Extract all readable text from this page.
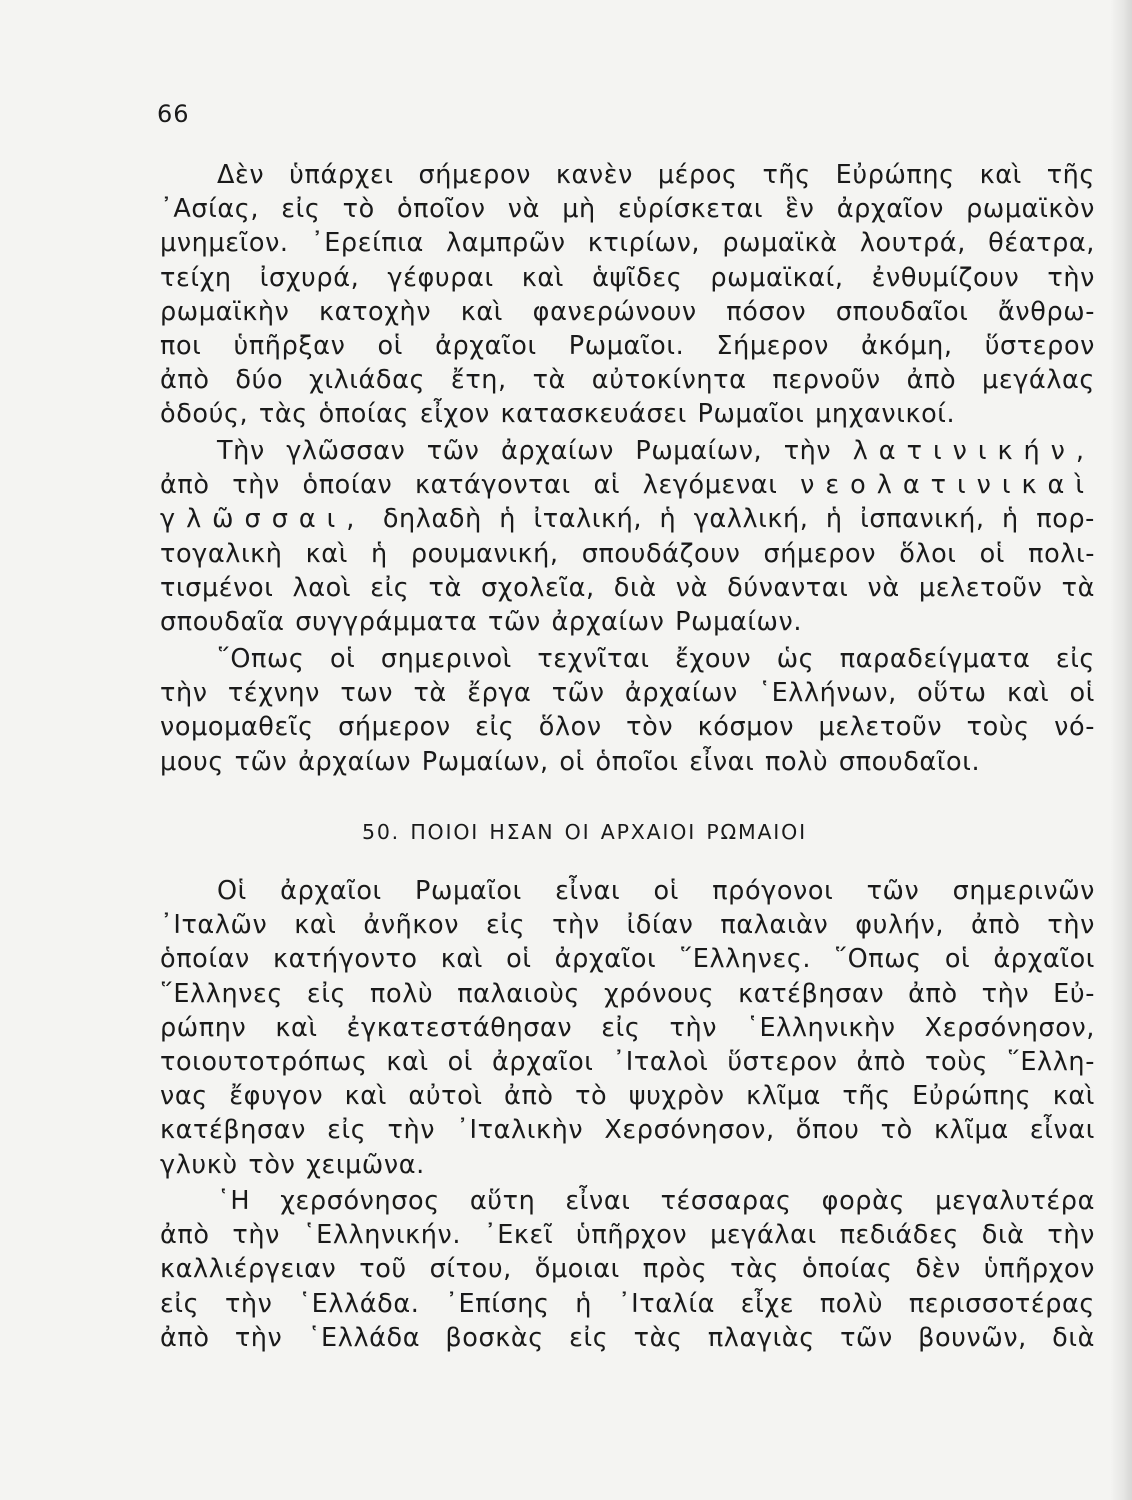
66
Δὲν ὑπάρχει σήμερον κανὲν μέρος τῆς Εὐρώπης καὶ τῆς
᾿Ασίας, εἰς τὸ ὁποῖον νὰ μὴ εὑρίσκεται ἓν ἀρχαῖον ρωμαϊκὸν
μνημεῖον. ᾿Ερείπια λαμπρῶν κτιρίων, ρωμαϊκὰ λουτρά, θέατρα,
τείχη ἰσχυρά, γέφυραι καὶ ἁψῖδες ρωμαϊκαί, ἐνθυμίζουν τὴν
ρωμαϊκὴν κατοχὴν καὶ φανερώνουν πόσον σπουδαῖοι ἄνθρω-
ποι ὑπῆρξαν οἱ ἀρχαῖοι Ρωμαῖοι. Σήμερον ἀκόμη, ὕστερον
ἀπὸ δύο χιλιάδας ἔτη, τὰ αὐτοκίνητα περνοῦν ἀπὸ μεγάλας
ὁδούς, τὰς ὁποίας εἶχον κατασκευάσει Ρωμαῖοι μηχανικοί.
Τὴν γλῶσσαν τῶν ἀρχαίων Ρωμαίων, τὴν λατινικήν,
ἀπὸ τὴν ὁποίαν κατάγονται αἱ λεγόμεναι νεολατινικαὶ
γλῶσσαι, δηλαδὴ ἡ ἰταλική, ἡ γαλλική, ἡ ἰσπανική, ἡ πορ-
τογαλικὴ καὶ ἡ ρουμανική, σπουδάζουν σήμερον ὅλοι οἱ πολι-
τισμένοι λαοὶ εἰς τὰ σχολεῖα, διὰ νὰ δύνανται νὰ μελετοῦν τὰ
σπουδαῖα συγγράμματα τῶν ἀρχαίων Ρωμαίων.
῞Οπως οἱ σημερινοὶ τεχνῖται ἔχουν ὡς παραδείγματα εἰς
τὴν τέχνην των τὰ ἔργα τῶν ἀρχαίων ῾Ελλήνων, οὕτω καὶ οἱ
νομομαθεῖς σήμερον εἰς ὅλον τὸν κόσμον μελετοῦν τοὺς νό-
μους τῶν ἀρχαίων Ρωμαίων, οἱ ὁποῖοι εἶναι πολὺ σπουδαῖοι.
50. ΠΟΙΟΙ ΗΣΑΝ ΟΙ ΑΡΧΑΙΟΙ ΡΩΜΑΙΟΙ
Οἱ ἀρχαῖοι Ρωμαῖοι εἶναι οἱ πρόγονοι τῶν σημερινῶν
᾿Ιταλῶν καὶ ἀνῆκον εἰς τὴν ἰδίαν παλαιὰν φυλήν, ἀπὸ τὴν
ὁποίαν κατήγοντο καὶ οἱ ἀρχαῖοι ῞Ελληνες. ῞Οπως οἱ ἀρχαῖοι
῞Ελληνες εἰς πολὺ παλαιοὺς χρόνους κατέβησαν ἀπὸ τὴν Εὐ-
ρώπην καὶ ἐγκατεστάθησαν εἰς τὴν ῾Ελληνικὴν Χερσόνησον,
τοιουτοτρόπως καὶ οἱ ἀρχαῖοι ᾿Ιταλοὶ ὕστερον ἀπὸ τοὺς ῞Ελλη-
νας ἔφυγον καὶ αὐτοὶ ἀπὸ τὸ ψυχρὸν κλῖμα τῆς Εὐρώπης καὶ
κατέβησαν εἰς τὴν ᾿Ιταλικὴν Χερσόνησον, ὅπου τὸ κλῖμα εἶναι
γλυκὺ τὸν χειμῶνα.
῾Η χερσόνησος αὕτη εἶναι τέσσαρας φορὰς μεγαλυτέρα
ἀπὸ τὴν ῾Ελληνικήν. ᾿Εκεῖ ὑπῆρχον μεγάλαι πεδιάδες διὰ τὴν
καλλιέργειαν τοῦ σίτου, ὅμοιαι πρὸς τὰς ὁποίας δὲν ὑπῆρχον
εἰς τὴν ῾Ελλάδα. ᾿Επίσης ἡ ᾿Ιταλία εἶχε πολὺ περισσοτέρας
ἀπὸ τὴν ῾Ελλάδα βοσκὰς εἰς τὰς πλαγιὰς τῶν βουνῶν, διὰ
